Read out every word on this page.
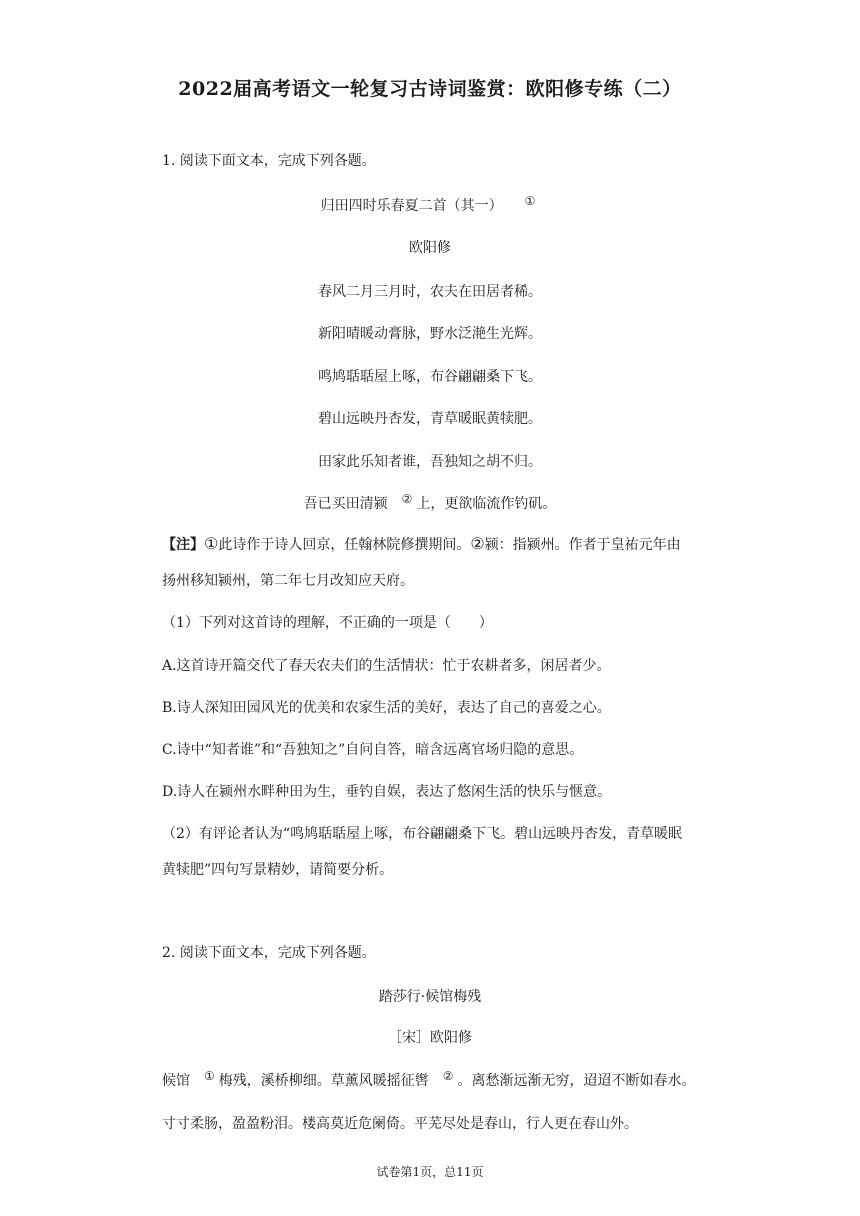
2022届高考语文一轮复习古诗词鉴赏：欧阳修专练（二）
1. 阅读下面文本，完成下列各题。
归田四时乐春夏二首（其一） ①
欧阳修
春风二月三月时，农夫在田居者稀。
新阳晴暖动膏脉，野水泛滟生光辉。
鸣鸠聒聒屋上啄，布谷翩翩桑下飞。
碧山远映丹杏发，青草暖眠黄犊肥。
田家此乐知者谁，吾独知之胡不归。
吾已买田清颍 ② 上，更欲临流作钓矶。
【注】①此诗作于诗人回京，任翰林院修撰期间。②颍：指颍州。作者于皇祐元年由
扬州移知颍州，第二年七月改知应天府。
（1）下列对这首诗的理解，不正确的一项是（　　）
A.这首诗开篇交代了春天农夫们的生活情状：忙于农耕者多，闲居者少。
B.诗人深知田园风光的优美和农家生活的美好，表达了自己的喜爱之心。
C.诗中“知者谁”和“吾独知之”自问自答，暗含远离官场归隐的意思。
D.诗人在颍州水畔种田为生，垂钓自娱，表达了悠闲生活的快乐与惬意。
（2）有评论者认为“鸣鸠聒聒屋上啄，布谷翩翩桑下飞。碧山远映丹杏发，青草暖眠
黄犊肥”四句写景精妙，请简要分析。
2. 阅读下面文本，完成下列各题。
踏莎行·候馆梅残
［宋］欧阳修
候馆 ① 梅残，溪桥柳细。草薰风暖摇征辔 ② 。离愁渐远渐无穷，迢迢不断如春水。
寸寸柔肠，盈盈粉泪。楼高莫近危阑倚。平芜尽处是春山，行人更在春山外。
试卷第1页，总11页
